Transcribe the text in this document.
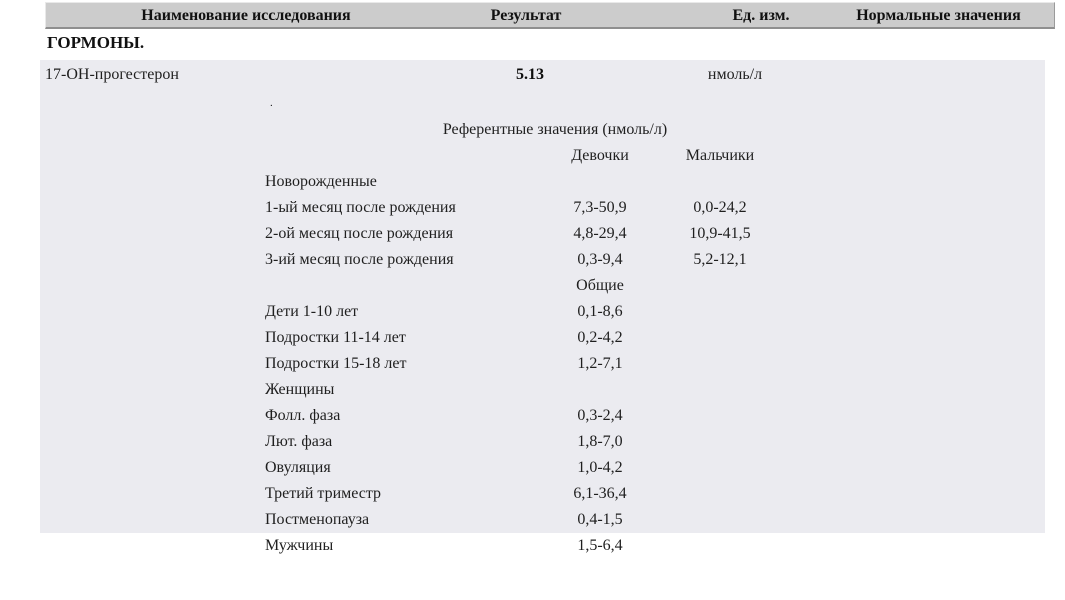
Наименование исследования	Результат	Ед. изм.	Нормальные значения
ГОРМОНЫ.
17-ОН-прогестерон	5.13	нмоль/л
.
Референтные значения (нмоль/л)
Девочки	Мальчики
Новорожденные
1-ый месяц после рождения	7,3-50,9	0,0-24,2
2-ой месяц после рождения	4,8-29,4	10,9-41,5
3-ий месяц после рождения	0,3-9,4	5,2-12,1
Общие
Дети 1-10 лет	0,1-8,6
Подростки 11-14 лет	0,2-4,2
Подростки 15-18 лет	1,2-7,1
Женщины
Фолл. фаза	0,3-2,4
Лют. фаза	1,8-7,0
Овуляция	1,0-4,2
Третий триместр	6,1-36,4
Постменопауза	0,4-1,5
Мужчины	1,5-6,4
